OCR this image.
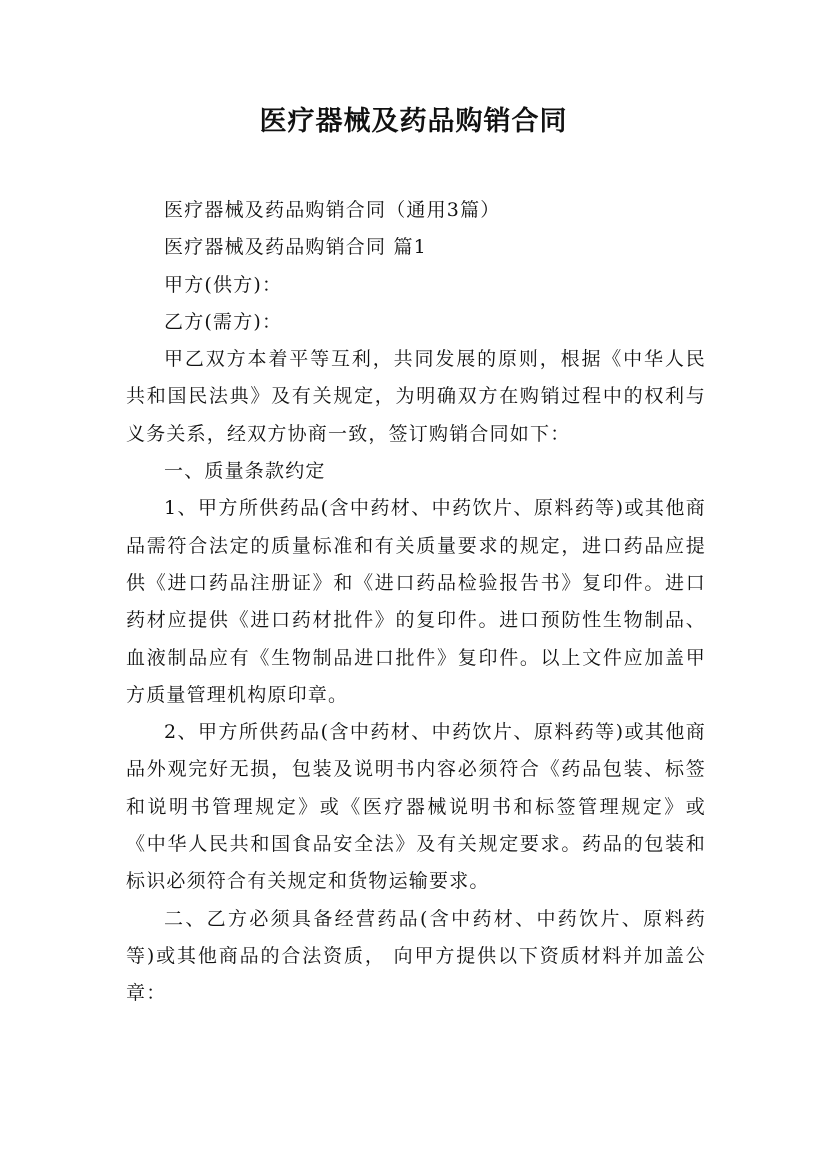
医疗器械及药品购销合同

医疗器械及药品购销合同（通用3篇）

医疗器械及药品购销合同 篇1

甲方(供方)：

乙方(需方)：

甲乙双方本着平等互利，共同发展的原则，根据《中华人民共和国民法典》及有关规定，为明确双方在购销过程中的权利与义务关系，经双方协商一致，签订购销合同如下：

一、质量条款约定

1、甲方所供药品(含中药材、中药饮片、原料药等)或其他商品需符合法定的质量标准和有关质量要求的规定，进口药品应提供《进口药品注册证》和《进口药品检验报告书》复印件。进口药材应提供《进口药材批件》的复印件。进口预防性生物制品、血液制品应有《生物制品进口批件》复印件。以上文件应加盖甲方质量管理机构原印章。

2、甲方所供药品(含中药材、中药饮片、原料药等)或其他商品外观完好无损，包装及说明书内容必须符合《药品包装、标签和说明书管理规定》或《医疗器械说明书和标签管理规定》或《中华人民共和国食品安全法》及有关规定要求。药品的包装和标识必须符合有关规定和货物运输要求。

二、乙方必须具备经营药品(含中药材、中药饮片、原料药等)或其他商品的合法资质， 向甲方提供以下资质材料并加盖公章：
